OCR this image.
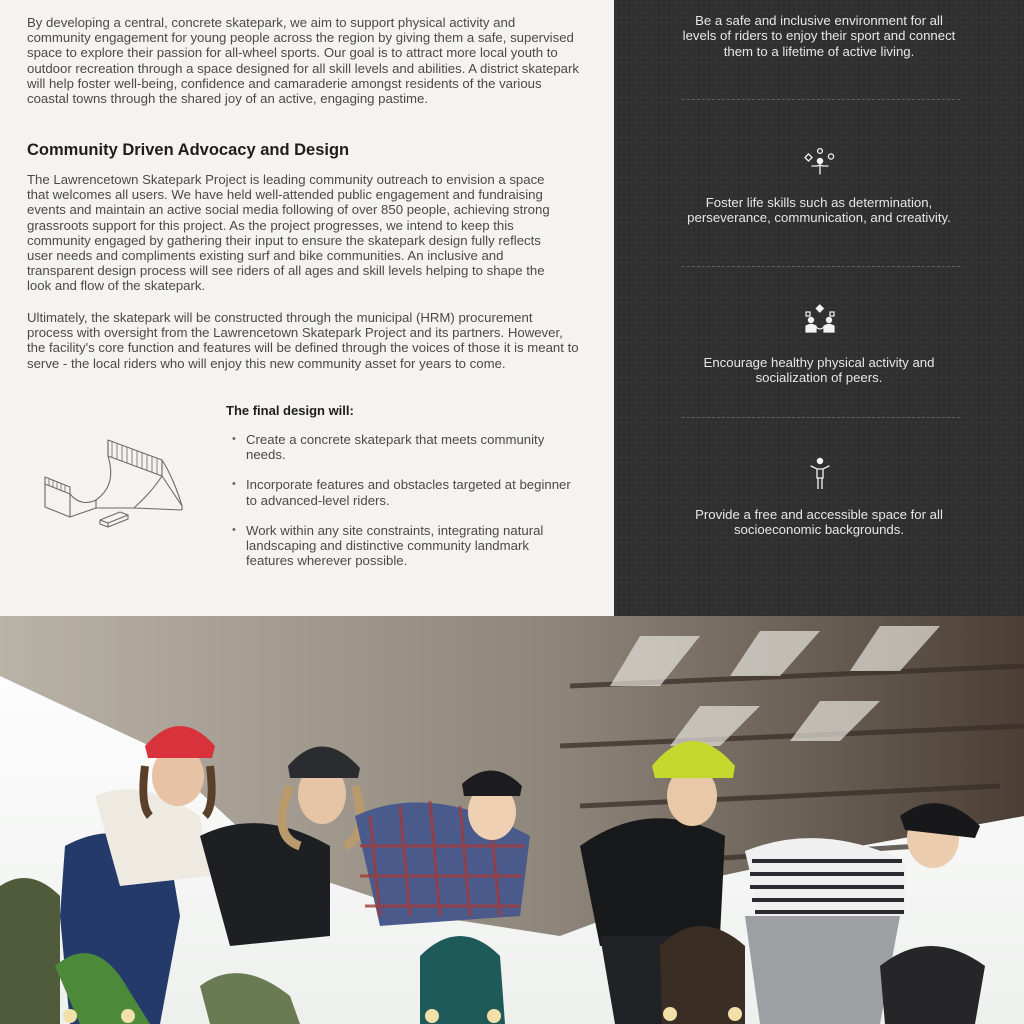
By developing a central, concrete skatepark, we aim to support physical activity and community engagement for young people across the region by giving them a safe, supervised space to explore their passion for all-wheel sports. Our goal is to attract more local youth to outdoor recreation through a space designed for all skill levels and abilities. A district skatepark will help foster well-being, confidence and camaraderie amongst residents of the various coastal towns through the shared joy of an active, engaging pastime.

Community Driven Advocacy and Design

The Lawrencetown Skatepark Project is leading community outreach to envision a space that welcomes all users. We have held well-attended public engagement and fundraising events and maintain an active social media following of over 850 people, achieving strong grassroots support for this project. As the project progresses, we intend to keep this community engaged by gathering their input to ensure the skatepark design fully reflects user needs and compliments existing surf and bike communities. An inclusive and transparent design process will see riders of all ages and skill levels helping to shape the look and flow of the skatepark.

Ultimately, the skatepark will be constructed through the municipal (HRM) procurement process with oversight from the Lawrencetown Skatepark Project and its partners. However, the facility's core function and features will be defined through the voices of those it is meant to serve - the local riders who will enjoy this new community asset for years to come.

The final design will:
• Create a concrete skatepark that meets community needs.
• Incorporate features and obstacles targeted at beginner to advanced-level riders.
• Work within any site constraints, integrating natural landscaping and distinctive community landmark features wherever possible.

Be a safe and inclusive environment for all levels of riders to enjoy their sport and connect them to a lifetime of active living.

Foster life skills such as determination, perseverance, communication, and creativity.

Encourage healthy physical activity and socialization of peers.

Provide a free and accessible space for all socioeconomic backgrounds.
